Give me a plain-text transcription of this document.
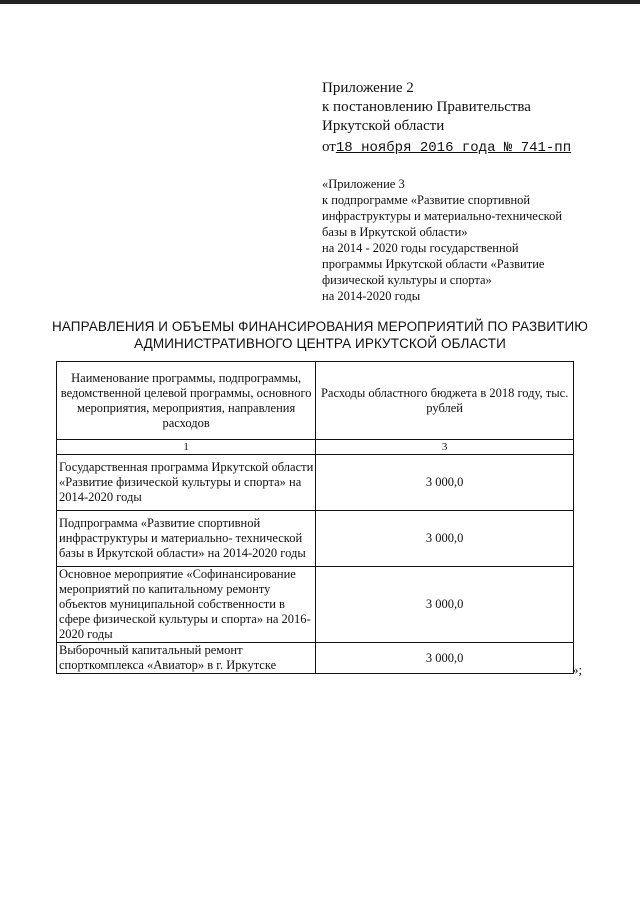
Приложение 2
к постановлению Правительства
Иркутской области
от18 ноября 2016 года № 741-пп
«Приложение 3
к подпрограмме «Развитие спортивной
инфраструктуры и материально-технической
базы в Иркутской области»
на 2014 - 2020 годы государственной
программы Иркутской области «Развитие
физической культуры и спорта»
на 2014-2020 годы
НАПРАВЛЕНИЯ И ОБЪЕМЫ ФИНАНСИРОВАНИЯ МЕРОПРИЯТИЙ ПО РАЗВИТИЮ
АДМИНИСТРАТИВНОГО ЦЕНТРА ИРКУТСКОЙ ОБЛАСТИ
Наименование программы, подпрограммы, ведомственной целевой программы, основного мероприятия, мероприятия, направления расходов	Расходы областного бюджета в 2018 году, тыс. рублей
1	3
Государственная программа Иркутской области «Развитие физической культуры и спорта» на 2014-2020 годы	3 000,0
Подпрограмма «Развитие спортивной инфраструктуры и материально- технической базы в Иркутской области» на 2014-2020 годы	3 000,0
Основное мероприятие «Софинансирование мероприятий по капитальному ремонту объектов муниципальной собственности в сфере физической культуры и спорта» на 2016-2020 годы	3 000,0
Выборочный капитальный ремонт спорткомплекса «Авиатор» в г. Иркутске	3 000,0
»;
